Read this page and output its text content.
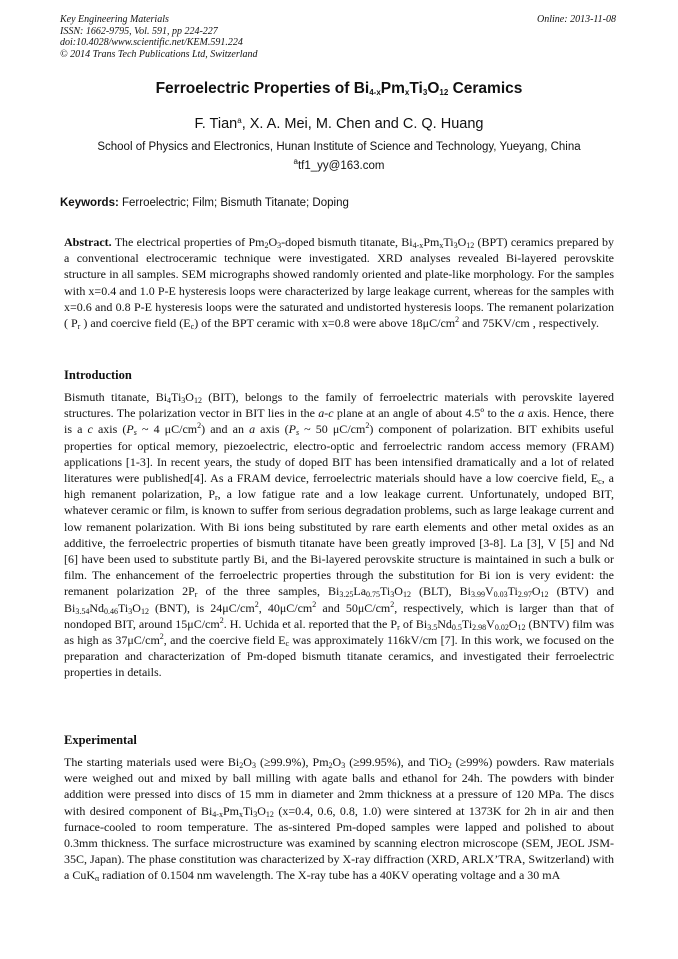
Key Engineering Materials
ISSN: 1662-9795, Vol. 591, pp 224-227
doi:10.4028/www.scientific.net/KEM.591.224
© 2014 Trans Tech Publications Ltd, Switzerland
Online: 2013-11-08
Ferroelectric Properties of $Bi_{4-x}Pm_xTi_3O_{12}$ Ceramics
F. Tian$^a$, X. A. Mei, M. Chen and C. Q. Huang
School of Physics and Electronics, Hunan Institute of Science and Technology, Yueyang, China
$^a$tf1_yy@163.com
Keywords: Ferroelectric; Film; Bismuth Titanate; Doping
Abstract. The electrical properties of $Pm_2O_3$-doped bismuth titanate, $Bi_{4-x}Pm_xTi_3O_{12}$ (BPT) ceramics prepared by a conventional electroceramic technique were investigated. XRD analyses revealed Bi-layered perovskite structure in all samples. SEM micrographs showed randomly oriented and plate-like morphology. For the samples with x=0.4 and 1.0 P-E hysteresis loops were characterized by large leakage current, whereas for the samples with x=0.6 and 0.8 P-E hysteresis loops were the saturated and undistorted hysteresis loops. The remanent polarization ( $P_r$ ) and coercive field $(E_c)$ of the BPT ceramic with x=0.8 were above $18\mu C/cm^2$ and 75KV/cm , respectively.
Introduction
Bismuth titanate, $Bi_4Ti_3O_{12}$ (BIT), belongs to the family of ferroelectric materials with perovskite layered structures. The polarization vector in BIT lies in the a-c plane at an angle of about 4.5º to the a axis. Hence, there is a c axis ($P_s$ ~ 4 $\mu C/cm^2$) and an a axis ($P_s$ ~ 50 $\mu C/cm^2$) component of polarization. BIT exhibits useful properties for optical memory, piezoelectric, electro-optic and ferroelectric random access memory (FRAM) applications [1-3]. In recent years, the study of doped BIT has been intensified dramatically and a lot of related literatures were published[4]. As a FRAM device, ferroelectric materials should have a low coercive field, $E_c$, a high remanent polarization, $P_r$, a low fatigue rate and a low leakage current. Unfortunately, undoped BIT, whatever ceramic or film, is known to suffer from serious degradation problems, such as large leakage current and low remanent polarization. With Bi ions being substituted by rare earth elements and other metal oxides as an additive, the ferroelectric properties of bismuth titanate have been greatly improved [3-8]. La [3], V [5] and Nd [6] have been used to substitute partly Bi, and the Bi-layered perovskite structure is maintained in such a bulk or film. The enhancement of the ferroelectric properties through the substitution for Bi ion is very evident: the remanent polarization $2P_r$ of the three samples, $Bi_{3.25}La_{0.75}Ti_3O_{12}$ (BLT), $Bi_{3.99}V_{0.03}Ti_{2.97}O_{12}$ (BTV) and $Bi_{3.54}Nd_{0.46}Ti_3O_{12}$ (BNT), is $24\mu C/cm^2$, $40\mu C/cm^2$ and $50\mu C/cm^2$, respectively, which is larger than that of nondoped BIT, around $15\mu C/cm^2$. H. Uchida et al. reported that the $P_r$ of $Bi_{3.5}Nd_{0.5}Ti_{2.98}V_{0.02}O_{12}$ (BNTV) film was as high as $37\mu C/cm^2$, and the coercive field $E_c$ was approximately 116kV/cm [7]. In this work, we focused on the preparation and characterization of Pm-doped bismuth titanate ceramics, and investigated their ferroelectric properties in details.
Experimental
The starting materials used were $Bi_2O_3$ (≥99.9%), $Pm_2O_3$ (≥99.95%), and TiO$_2$ (≥99%) powders. Raw materials were weighed out and mixed by ball milling with agate balls and ethanol for 24h. The powders with binder addition were pressed into discs of 15 mm in diameter and 2mm thickness at a pressure of 120 MPa. The discs with desired component of $Bi_{4-x}Pm_xTi_3O_{12}$ (x=0.4, 0.6, 0.8, 1.0) were sintered at 1373K for 2h in air and then furnace-cooled to room temperature. The as-sintered Pm-doped samples were lapped and polished to about 0.3mm thickness. The surface microstructure was examined by scanning electron microscope (SEM, JEOL JSM-35C, Japan). The phase constitution was characterized by X-ray diffraction (XRD, ARLX’TRA, Switzerland) with a CuK$_\alpha$ radiation of 0.1504 nm wavelength. The X-ray tube has a 40KV operating voltage and a 30 mA
